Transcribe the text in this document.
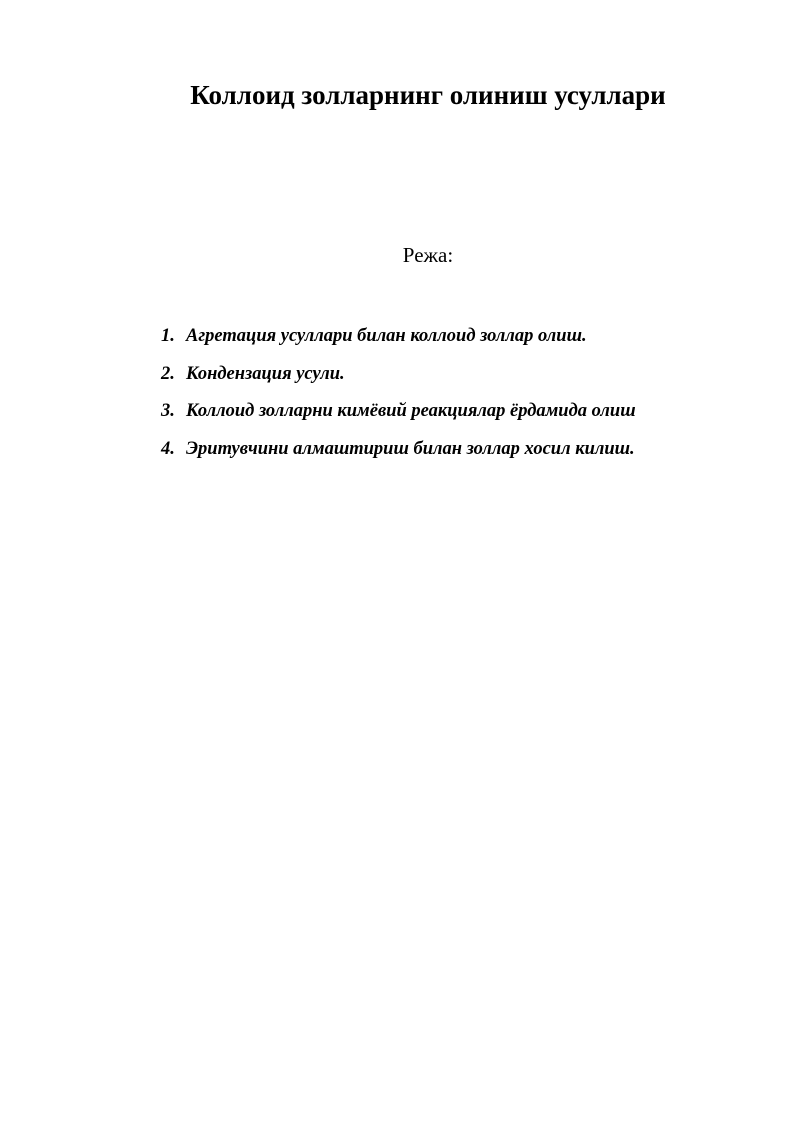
Коллоид золларнинг олиниш усуллари
Режа:
1. Агретация усуллари билан коллоид золлар олиш.
2. Кондензация усули.
3. Коллоид золларни кимёвий реакциялар ёрдамида олиш
4. Эритувчини алмаштириш билан золлар хосил килиш.
